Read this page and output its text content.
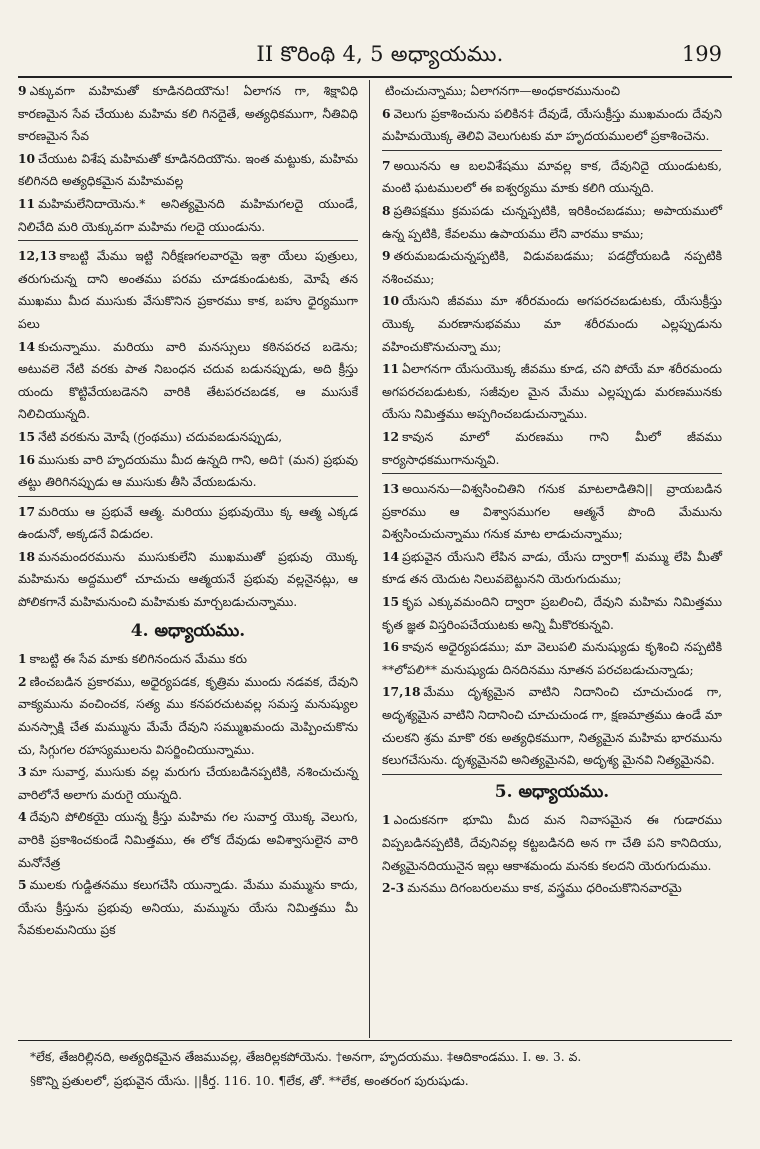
II కొరింథి 4, 5 అధ్యాయము.	199

9 ఎక్కువగా మహిమతో కూడినదియౌను! ఏలాగన గా, శిక్షావిధి కారణమైన సేవ చేయుట మహిమ కలి గినదైతే, అత్యధికముగా, నీతివిధి కారణమైన సేవ

10 చేయుట విశేష మహిమతో కూడినదియౌను. ఇంత మట్టుకు, మహిమ కలిగినది అత్యధికమైన మహిమవల్ల

11 మహిమలేనిదాయెను.* అనిత్యమైనది మహిమగలదై యుండే, నిలిచేది మరి యెక్కువగా మహిమ గలదై యుండును.

12,13 కాబట్టి మేము ఇట్టి నిరీక్షణగలవారమై ఇశ్రా యేలు పుత్రులు, తరుగుచున్న దాని అంతము పరమ చూడకుండుటకు, మోషే తన ముఖము మీద ముసుకు వేసుకొనిన ప్రకారము కాక, బహు ధైర్యముగా పలు

14 కుచున్నాము. మరియు వారి మనస్సులు కఠినపరచ బడెను; అటువలె నేటి వరకు పాత నిబంధన చదువ బడునప్పుడు, అది క్రీస్తు యందు కొట్టివేయబడెనని వారికి తేటపరచబడక, ఆ ముసుకే నిలిచియున్నది.

15 నేటి వరకును మోషే (గ్రంథము) చదువబడునప్పుడు,

16 ముసుకు వారి హృదయము మీద ఉన్నది గాని, అది† (మన) ప్రభువు తట్టు తిరిగినప్పుడు ఆ ముసుకు తీసి వేయబడును.

17 మరియు ఆ ప్రభువే ఆత్మ. మరియు ప్రభువుయొ క్క ఆత్మ ఎక్కడ ఉండునో, అక్కడనే విడుదల.

18 మనమందరమును ముసుకులేని ముఖముతో ప్రభువు యొక్క మహిమను అద్దములో చూచుచు ఆత్మయనే ప్రభువు వల్లనైనట్లు, ఆ పోలికగానే మహిమనుంచి మహిమకు మార్చబడుచున్నాము.

4. అధ్యాయము.

1 కాబట్టి ఈ సేవ మాకు కలిగినందున మేము కరు

2 ణించబడిన ప్రకారము, అధైర్యపడక, కృత్రిమ ముందు నడవక, దేవుని వాక్యమును వంచించక, సత్య ము కనపరచుటవల్ల సమస్త మనుష్యుల మనస్సాక్షి చేత మమ్మును మేమే దేవుని సమ్ముఖమందు మెప్పించుకొను చు, సిగ్గుగల రహస్యములను విసర్జించియున్నాము.

3 మా సువార్త, ముసుకు వల్ల మరుగు చేయబడినప్పటికి, నశించుచున్న వారిలోనే అలాగు మరుగై యున్నది.

4 దేవుని పోలికయై యున్న క్రీస్తు మహిమ గల సువార్త యొక్క వెలుగు, వారికి ప్రకాశించకుండే నిమిత్తము, ఈ లోక దేవుడు అవిశ్వాసులైన వారి మనోనేత్ర

5 ములకు గుడ్డితనము కలుగచేసి యున్నాడు. మేము మమ్మును కాదు, యేసు క్రీస్తును ప్రభువు అనియు, మమ్మును యేసు నిమిత్తము మీ సేవకులమనియు ప్రక

టించుచున్నాము; ఏలాగనగా—అంధకారమునుంచి

6 వెలుగు ప్రకాశించును పలికిన‡ దేవుడే, యేసుక్రీస్తు ముఖమందు దేవుని మహిమయొక్క తెలివి వెలుగుటకు మా హృదయములలో ప్రకాశించెను.

7 అయినను ఆ బలవిశేషము మావల్ల కాక, దేవునిదై యుండుటకు, మంటి ఘటములలో ఈ ఐశ్వర్యము మాకు కలిగి యున్నది.

8 ప్రతిపక్షము క్రమపడు చున్నప్పటికి, ఇరికించబడము; అపాయములో ఉన్న ప్పటికి, కేవలము ఉపాయము లేని వారము కాము;

9 తరుమబడుచున్నప్పటికి, విడువబడము; పడద్రోయబడి నప్పటికి నశించము;

10 యేసుని జీవము మా శరీరమందు అగపరచబడుటకు, యేసుక్రీస్తు యొక్క మరణానుభవము మా శరీరమందు ఎల్లప్పుడును వహించుకొనుచున్నా ము;

11 ఏలాగనగా యేసుయొక్క జీవము కూడ, చని పోయే మా శరీరమందు అగపరచబడుటకు, సజీవుల మైన మేము ఎల్లప్పుడు మరణమునకు యేసు నిమిత్తము అప్పగించబడుచున్నాము.

12 కావున మాలో మరణము గాని మీలో జీవము కార్యసాధకముగానున్నవి.

13 అయినను—విశ్వసించితిని గనుక మాటలాడితిని|| వ్రాయబడిన ప్రకారము ఆ విశ్వాసముగల ఆత్మనే పొంది మేమును విశ్వసించుచున్నాము గనుక మాట లాడుచున్నాము;

14 ప్రభువైన యేసుని లేపిన వాడు, యేసు ద్వారా¶ మమ్ము లేపి మీతో కూడ తన యెదుట నిలువబెట్టునని యెరుగుదుము;

15 కృప ఎక్కువమందిని ద్వారా ప్రబలించి, దేవుని మహిమ నిమిత్తము కృత జ్ఞత విస్తరింపచేయుటకు అన్ని మీకొరకున్నవి.

16 కావున అధైర్యపడము; మా వెలుపలి మనుష్యుడు కృశించి నప్పటికి **లోపలి** మనుష్యుడు దినదినము నూతన పరచబడుచున్నాడు;

17,18 మేము దృశ్యమైన వాటిని నిదానించి చూచుచుండ గా, అదృశ్యమైన వాటిని నిదానించి చూచుచుండ గా, క్షణమాత్రము ఉండే మా చులకని శ్రమ మాకొ రకు అత్యధికముగా, నిత్యమైన మహిమ భారమును కలుగచేసును. దృశ్యమైనవి అనిత్యమైనవి, అదృశ్య మైనవి నిత్యమైనవి.

5. అధ్యాయము.

1 ఎందుకనగా భూమి మీద మన నివాసమైన ఈ గుడారము విప్పబడినప్పటికి, దేవునివల్ల కట్టబడినది అన గా చేతి పని కానిదియు, నిత్యమైనదియునైన ఇల్లు ఆకాశమందు మనకు కలదని యెరుగుదుము.

2-3 మనము దిగంబరులము కాక, వస్త్రము ధరించుకొనినవారమై

*లేక, తేజరిల్లినది, అత్యధికమైన తేజమువల్ల, తేజరిల్లకపోయెను. †అనగా, హృదయము. ‡ఆదికాండము. I. అ. 3. వ.
§కొన్ని ప్రతులలో, ప్రభువైన యేసు. ||కీర్త. 116. 10. ¶లేక, తో. **లేక, అంతరంగ పురుషుడు.
